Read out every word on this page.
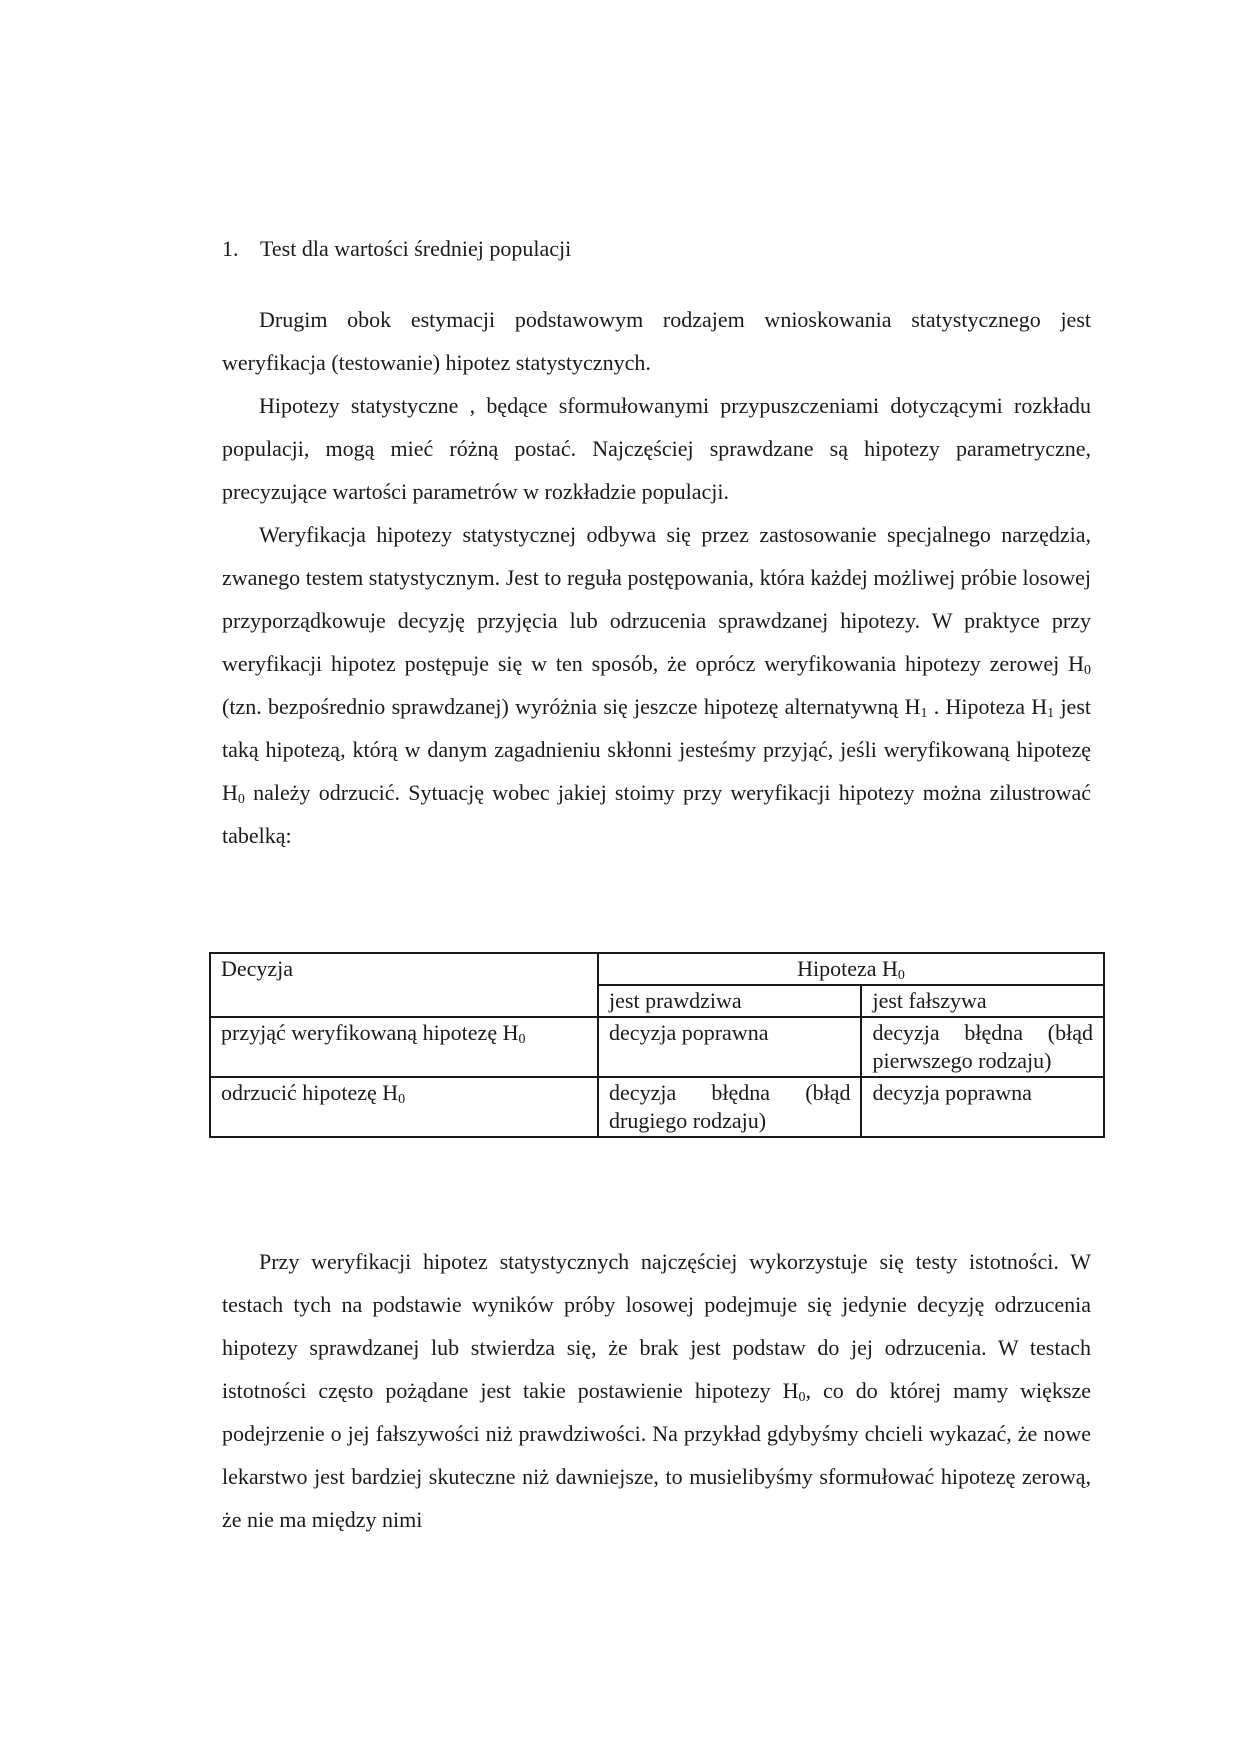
1. Test dla wartości średniej populacji

Drugim obok estymacji podstawowym rodzajem wnioskowania statystycznego jest weryfikacja (testowanie) hipotez statystycznych.

Hipotezy statystyczne , będące sformułowanymi przypuszczeniami dotyczącymi rozkładu populacji, mogą mieć różną postać. Najczęściej sprawdzane są hipotezy parametryczne, precyzujące wartości parametrów w rozkładzie populacji.

Weryfikacja hipotezy statystycznej odbywa się przez zastosowanie specjalnego narzędzia, zwanego testem statystycznym. Jest to reguła postępowania, która każdej możliwej próbie losowej przyporządkowuje decyzję przyjęcia lub odrzucenia sprawdzanej hipotezy. W praktyce przy weryfikacji hipotez postępuje się w ten sposób, że oprócz weryfikowania hipotezy zerowej $H_0$ (tzn. bezpośrednio sprawdzanej) wyróżnia się jeszcze hipotezę alternatywną $H_1$ . Hipoteza $H_1$ jest taką hipotezą, którą w danym zagadnieniu skłonni jesteśmy przyjąć, jeśli weryfikowaną hipotezę $H_0$ należy odrzucić. Sytuację wobec jakiej stoimy przy weryfikacji hipotezy można zilustrować tabelką:

Decyzja	Hipoteza $H_0$
	jest prawdziwa	jest fałszywa
przyjąć weryfikowaną hipotezę $H_0$	decyzja poprawna	decyzja błędna (błąd pierwszego rodzaju)
odrzucić hipotezę $H_0$	decyzja błędna (błąd drugiego rodzaju)	decyzja poprawna

Przy weryfikacji hipotez statystycznych najczęściej wykorzystuje się testy istotności. W testach tych na podstawie wyników próby losowej podejmuje się jedynie decyzję odrzucenia hipotezy sprawdzanej lub stwierdza się, że brak jest podstaw do jej odrzucenia. W testach istotności często pożądane jest takie postawienie hipotezy $H_0$, co do której mamy większe podejrzenie o jej fałszywości niż prawdziwości. Na przykład gdybyśmy chcieli wykazać, że nowe lekarstwo jest bardziej skuteczne niż dawniejsze, to musielibyśmy sformułować hipotezę zerową, że nie ma między nimi
